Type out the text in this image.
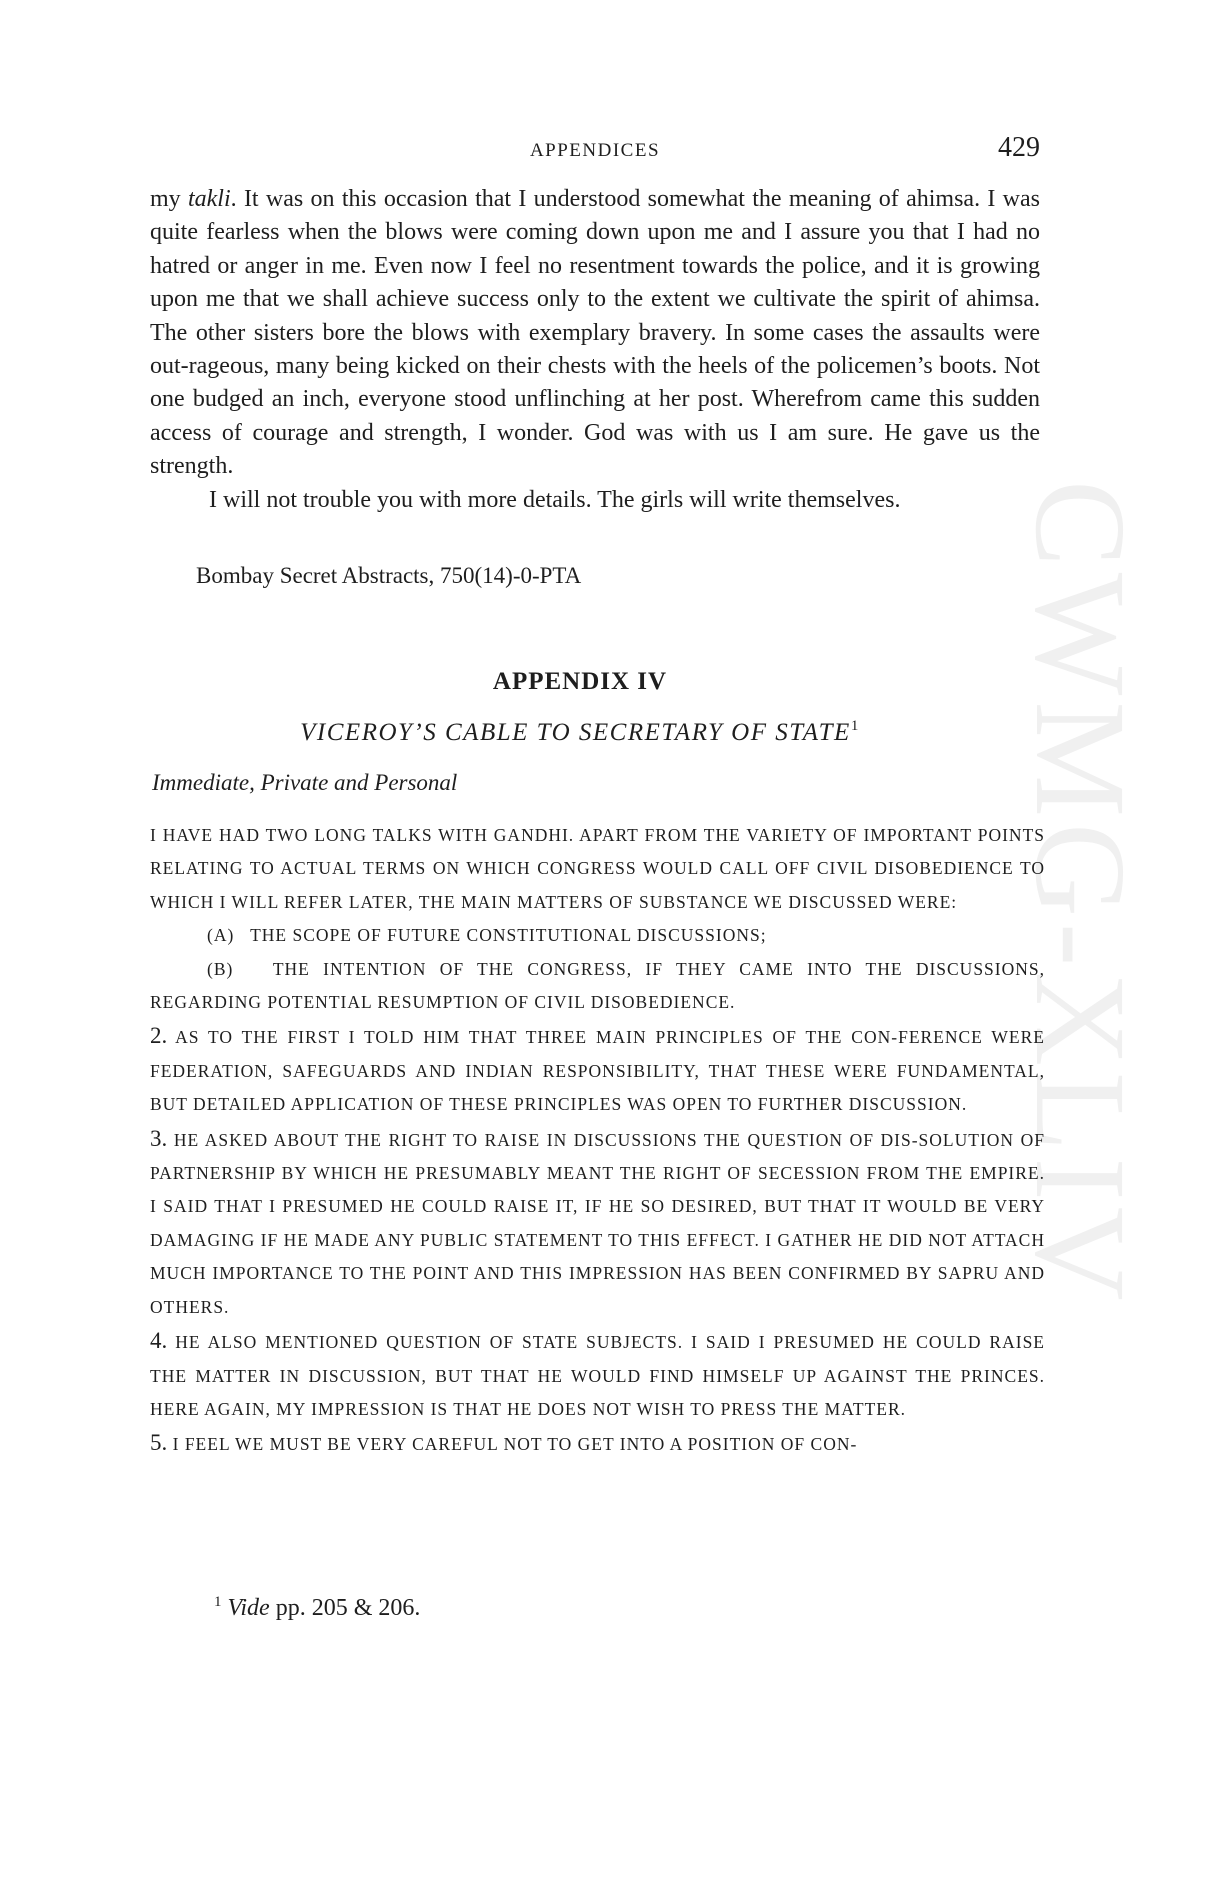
CWMG-XLIV
APPENDICES	429

my takli. It was on this occasion that I understood somewhat the meaning of ahimsa. I was quite fearless when the blows were coming down upon me and I assure you that I had no hatred or anger in me. Even now I feel no resentment towards the police, and it is growing upon me that we shall achieve success only to the extent we cultivate the spirit of ahimsa. The other sisters bore the blows with exemplary bravery. In some cases the assaults were out-rageous, many being kicked on their chests with the heels of the policemen’s boots. Not one budged an inch, everyone stood unflinching at her post. Wherefrom came this sudden access of courage and strength, I wonder. God was with us I am sure. He gave us the strength.

I will not trouble you with more details. The girls will write themselves.

Bombay Secret Abstracts, 750(14)-0-PTA
APPENDIX IV
VICEROY’S CABLE TO SECRETARY OF STATE$^1$
Immediate, Private and Personal

I HAVE HAD TWO LONG TALKS WITH GANDHI. APART FROM THE VARIETY OF IMPORTANT POINTS RELATING TO ACTUAL TERMS ON WHICH CONGRESS WOULD CALL OFF CIVIL DISOBEDIENCE TO WHICH I WILL REFER LATER, THE MAIN MATTERS OF SUBSTANCE WE DISCUSSED WERE:

(A) THE SCOPE OF FUTURE CONSTITUTIONAL DISCUSSIONS;

(B) THE INTENTION OF THE CONGRESS, IF THEY CAME INTO THE DISCUSSIONS, REGARDING POTENTIAL RESUMPTION OF CIVIL DISOBEDIENCE.

2. AS TO THE FIRST I TOLD HIM THAT THREE MAIN PRINCIPLES OF THE CON-FERENCE WERE FEDERATION, SAFEGUARDS AND INDIAN RESPONSIBILITY, THAT THESE WERE FUNDAMENTAL, BUT DETAILED APPLICATION OF THESE PRINCIPLES WAS OPEN TO FURTHER DISCUSSION.

3. HE ASKED ABOUT THE RIGHT TO RAISE IN DISCUSSIONS THE QUESTION OF DIS-SOLUTION OF PARTNERSHIP BY WHICH HE PRESUMABLY MEANT THE RIGHT OF SECESSION FROM THE EMPIRE. I SAID THAT I PRESUMED HE COULD RAISE IT, IF HE SO DESIRED, BUT THAT IT WOULD BE VERY DAMAGING IF HE MADE ANY PUBLIC STATEMENT TO THIS EFFECT. I GATHER HE DID NOT ATTACH MUCH IMPORTANCE TO THE POINT AND THIS IMPRESSION HAS BEEN CONFIRMED BY SAPRU AND OTHERS.

4. HE ALSO MENTIONED QUESTION OF STATE SUBJECTS. I SAID I PRESUMED HE COULD RAISE THE MATTER IN DISCUSSION, BUT THAT HE WOULD FIND HIMSELF UP AGAINST THE PRINCES. HERE AGAIN, MY IMPRESSION IS THAT HE DOES NOT WISH TO PRESS THE MATTER.

5. I FEEL WE MUST BE VERY CAREFUL NOT TO GET INTO A POSITION OF CON-

$^1$ Vide pp. 205 & 206.
